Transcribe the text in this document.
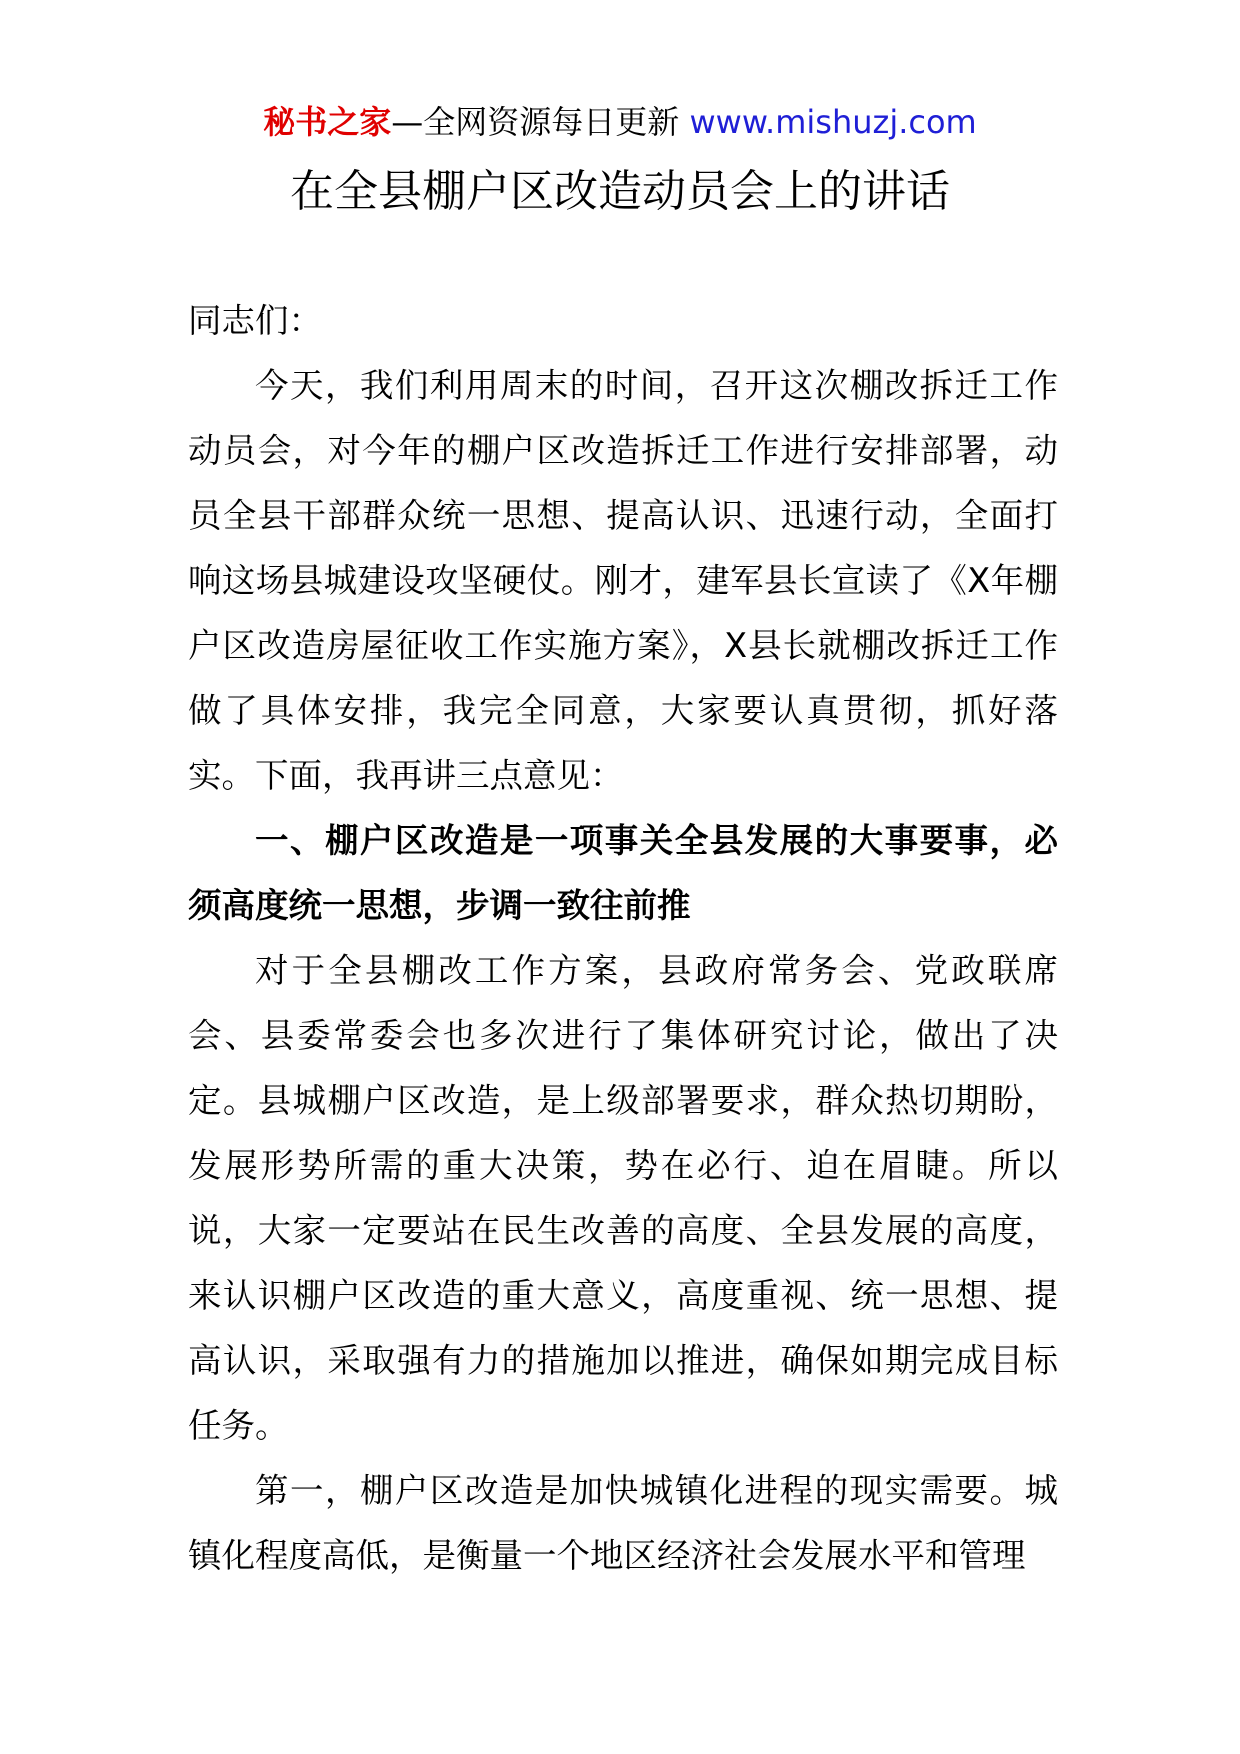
秘书之家—全网资源每日更新 www.mishuzj.com
在全县棚户区改造动员会上的讲话

同志们：

今天，我们利用周末的时间，召开这次棚改拆迁工作动员会，对今年的棚户区改造拆迁工作进行安排部署，动员全县干部群众统一思想、提高认识、迅速行动，全面打响这场县城建设攻坚硬仗。刚才，建军县长宣读了《X年棚户区改造房屋征收工作实施方案》，X县长就棚改拆迁工作做了具体安排，我完全同意，大家要认真贯彻，抓好落实。下面，我再讲三点意见：

一、棚户区改造是一项事关全县发展的大事要事，必须高度统一思想，步调一致往前推

对于全县棚改工作方案，县政府常务会、党政联席会、县委常委会也多次进行了集体研究讨论，做出了决定。县城棚户区改造，是上级部署要求，群众热切期盼，发展形势所需的重大决策，势在必行、迫在眉睫。所以说，大家一定要站在民生改善的高度、全县发展的高度，来认识棚户区改造的重大意义，高度重视、统一思想、提高认识，采取强有力的措施加以推进，确保如期完成目标任务。

第一，棚户区改造是加快城镇化进程的现实需要。城镇化程度高低，是衡量一个地区经济社会发展水平和管理
